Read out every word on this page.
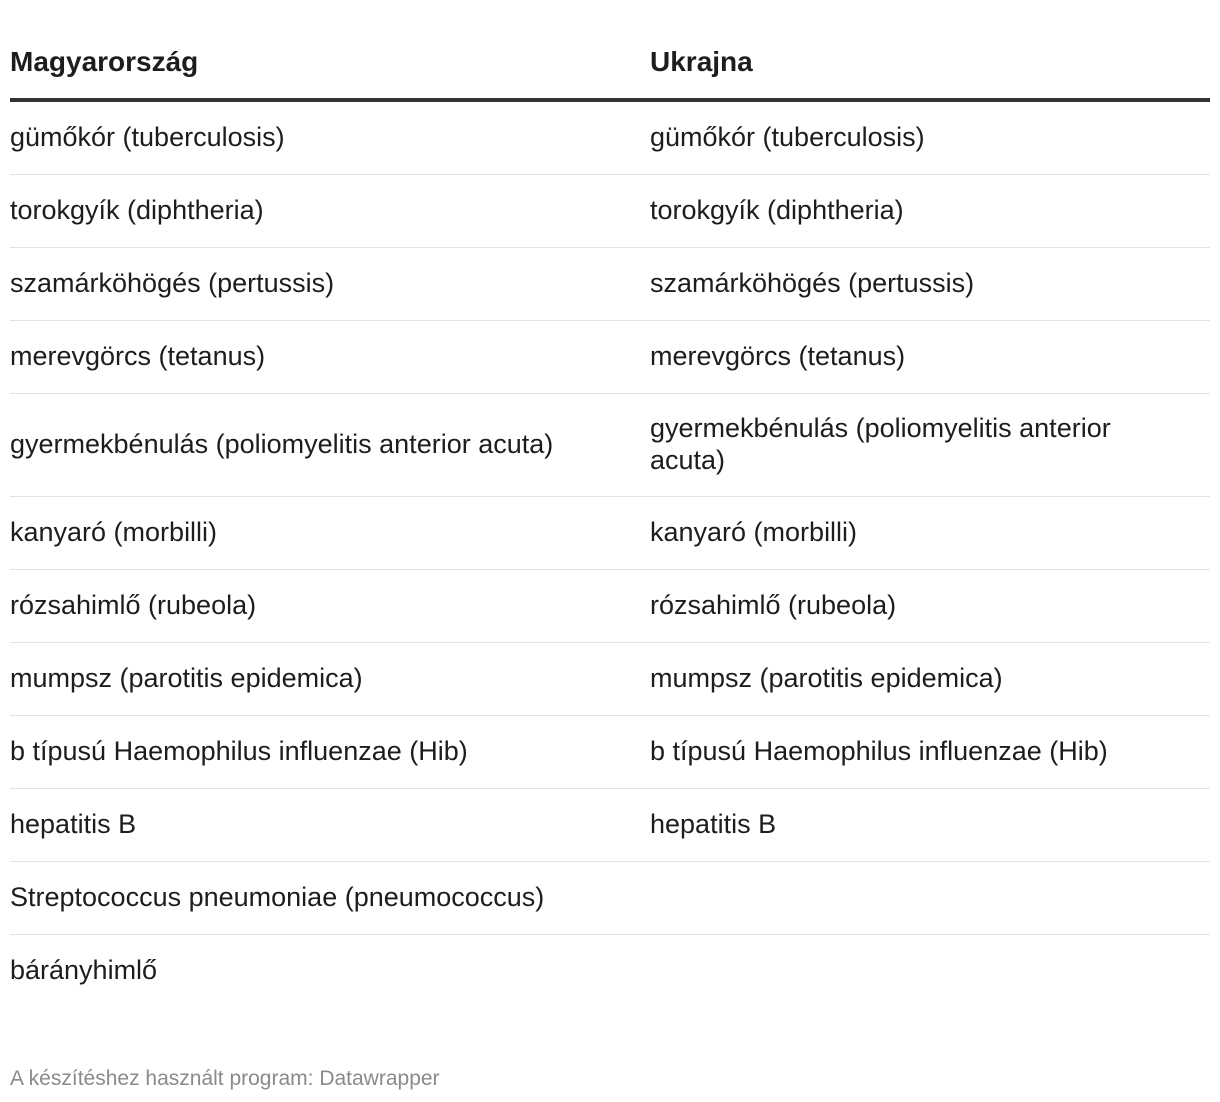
Magyarország	Ukrajna
gümőkór (tuberculosis)	gümőkór (tuberculosis)
torokgyík (diphtheria)	torokgyík (diphtheria)
szamárköhögés (pertussis)	szamárköhögés (pertussis)
merevgörcs (tetanus)	merevgörcs (tetanus)
gyermekbénulás (poliomyelitis anterior acuta)	gyermekbénulás (poliomyelitis anterior acuta)
kanyaró (morbilli)	kanyaró (morbilli)
rózsahimlő (rubeola)	rózsahimlő (rubeola)
mumpsz (parotitis epidemica)	mumpsz (parotitis epidemica)
b típusú Haemophilus influenzae (Hib)	b típusú Haemophilus influenzae (Hib)
hepatitis B	hepatitis B
Streptococcus pneumoniae (pneumococcus)	
bárányhimlő	
A készítéshez használt program: Datawrapper
